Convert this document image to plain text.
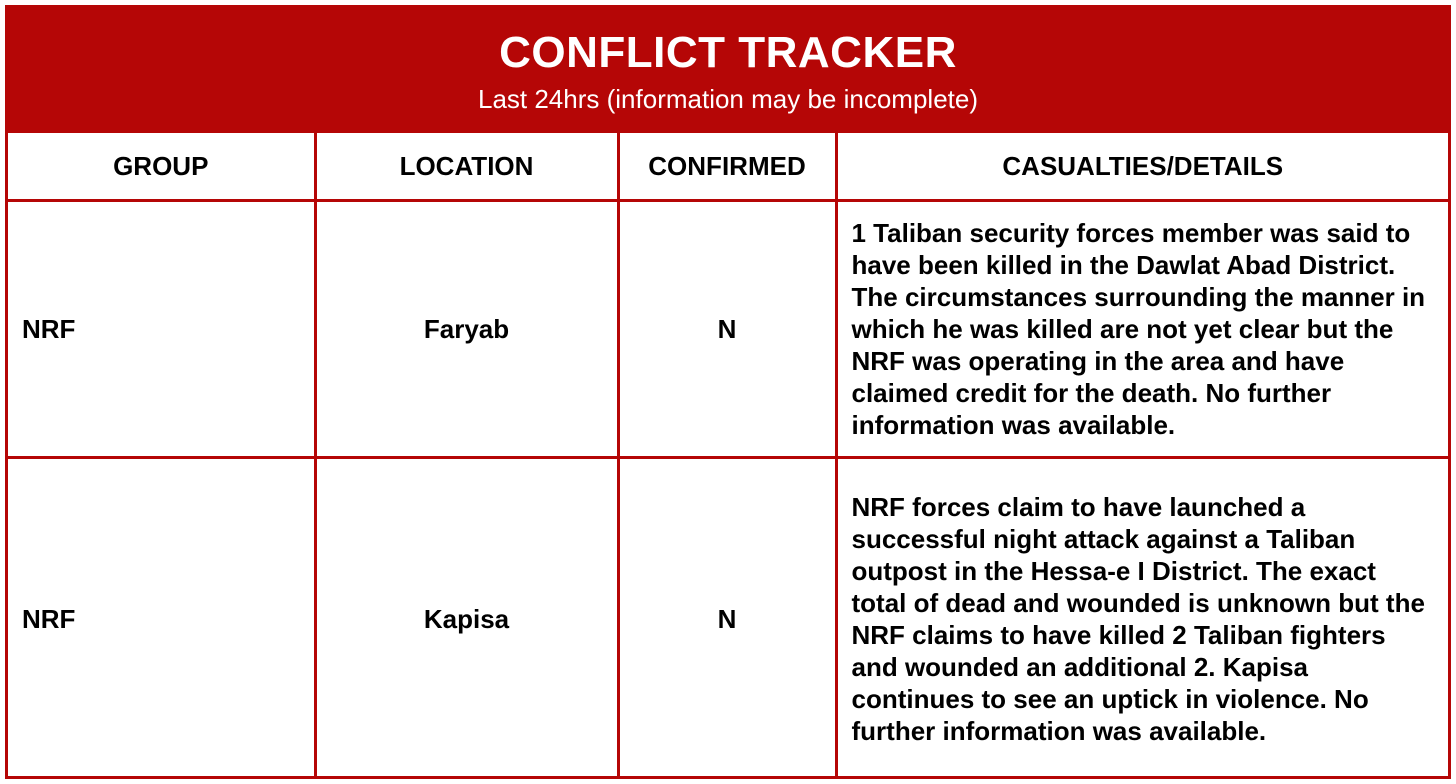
CONFLICT TRACKER
Last 24hrs (information may be incomplete)
GROUP	LOCATION	CONFIRMED	CASUALTIES/DETAILS
NRF	Faryab	N	1 Taliban security forces member was said to have been killed in the Dawlat Abad District. The circumstances surrounding the manner in which he was killed are not yet clear but the NRF was operating in the area and have claimed credit for the death. No further information was available.
NRF	Kapisa	N	NRF forces claim to have launched a successful night attack against a Taliban outpost in the Hessa-e I District. The exact total of dead and wounded is unknown but the NRF claims to have killed 2 Taliban fighters and wounded an additional 2. Kapisa continues to see an uptick in violence. No further information was available.
